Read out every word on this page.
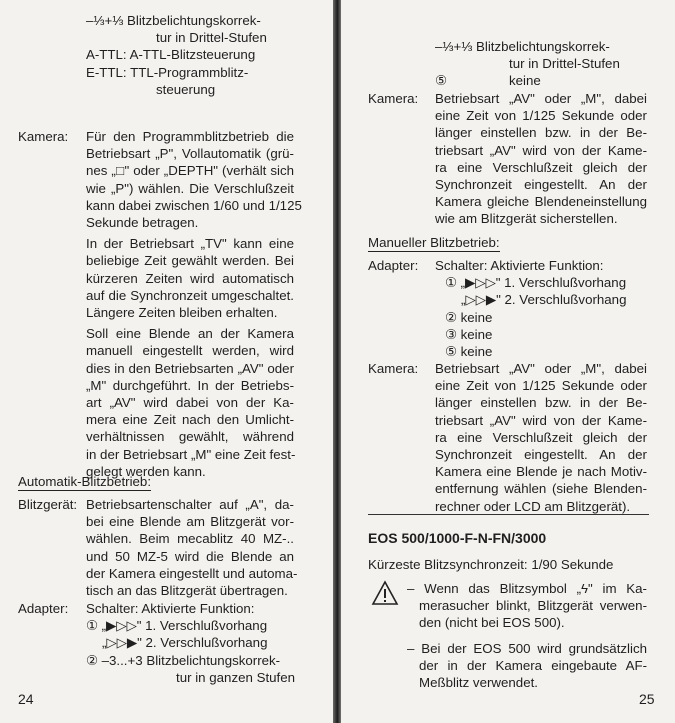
–⅓+⅓ Blitzbelichtungskorrek-
tur in Drittel-Stufen
A-TTL: A-TTL-Blitzsteuerung
E-TTL: TTL-Programmblitz-
steuerung
Kamera: Für den Programmblitzbetrieb die
Betriebsart „P", Vollautomatik (grü-
nes „□" oder „DEPTH" (verhält sich
wie „P") wählen. Die Verschlußzeit
kann dabei zwischen 1/60 und 1/125
Sekunde betragen.
In der Betriebsart „TV" kann eine
beliebige Zeit gewählt werden. Bei
kürzeren Zeiten wird automatisch
auf die Synchronzeit umgeschaltet.
Längere Zeiten bleiben erhalten.
Soll eine Blende an der Kamera
manuell eingestellt werden, wird
dies in den Betriebsarten „AV" oder
„M" durchgeführt. In der Betriebs-
art „AV" wird dabei von der Ka-
mera eine Zeit nach den Umlicht-
verhältnissen gewählt, während
in der Betriebsart „M" eine Zeit fest-
gelegt werden kann.
Automatik-Blitzbetrieb:
Blitzgerät: Betriebsartenschalter auf „A", da-
bei eine Blende am Blitzgerät vor-
wählen. Beim mecablitz 40 MZ-..
und 50 MZ-5 wird die Blende an
der Kamera eingestellt und automa-
tisch an das Blitzgerät übertragen.
Adapter: Schalter: Aktivierte Funktion:
① „▶▷▷" 1. Verschlußvorhang
„▷▷▶" 2. Verschlußvorhang
② –3...+3 Blitzbelichtungskorrek-
tur in ganzen Stufen
24
–⅓+⅓ Blitzbelichtungskorrek-
tur in Drittel-Stufen
⑤	keine
Kamera: Betriebsart „AV" oder „M", dabei
eine Zeit von 1/125 Sekunde oder
länger einstellen bzw. in der Be-
triebsart „AV" wird von der Kame-
ra eine Verschlußzeit gleich der
Synchronzeit eingestellt. An der
Kamera gleiche Blendeneinstellung
wie am Blitzgerät sicherstellen.
Manueller Blitzbetrieb:
Adapter: Schalter: Aktivierte Funktion:
① „▶▷▷" 1. Verschlußvorhang
„▷▷▶" 2. Verschlußvorhang
② keine
③ keine
⑤ keine
Kamera: Betriebsart „AV" oder „M", dabei
eine Zeit von 1/125 Sekunde oder
länger einstellen bzw. in der Be-
triebsart „AV" wird von der Kame-
ra eine Verschlußzeit gleich der
Synchronzeit eingestellt. An der
Kamera eine Blende je nach Motiv-
entfernung wählen (siehe Blenden-
rechner oder LCD am Blitzgerät).
EOS 500/1000-F-N-FN/3000
Kürzeste Blitzsynchronzeit: 1/90 Sekunde
– Wenn das Blitzsymbol „ϟ" im Ka-
merasucher blinkt, Blitzgerät verwen-
den (nicht bei EOS 500).
– Bei der EOS 500 wird grundsätzlich
der in der Kamera eingebaute AF-
Meßblitz verwendet.
25
